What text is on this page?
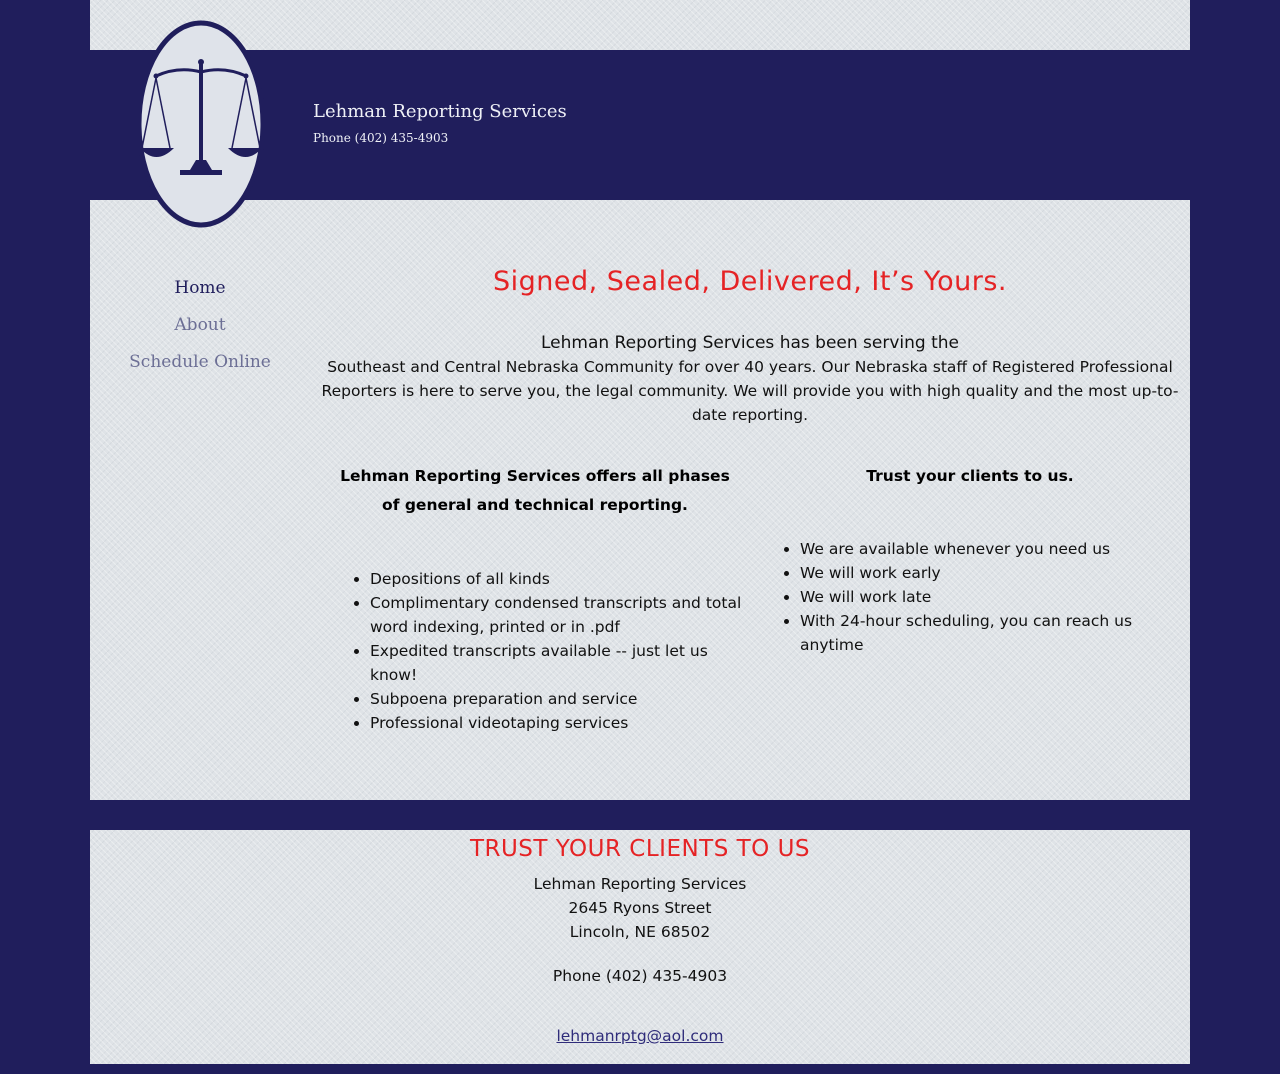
Lehman Reporting Services
Phone (402) 435-4903
Home
About
Schedule Online
Signed, Sealed, Delivered, It’s Yours.
Lehman Reporting Services has been serving the
Southeast and Central Nebraska Community for over 40 years. Our Nebraska staff of Registered Professional Reporters is here to serve you, the legal community. We will provide you with high quality and the most up-to-date reporting.
Lehman Reporting Services offers all phases
of general and technical reporting.
• Depositions of all kinds
• Complimentary condensed transcripts and total word indexing, printed or in .pdf
• Expedited transcripts available -- just let us know!
• Subpoena preparation and service
• Professional videotaping services
Trust your clients to us.
• We are available whenever you need us
• We will work early
• We will work late
• With 24-hour scheduling, you can reach us anytime
TRUST YOUR CLIENTS TO US
Lehman Reporting Services
2645 Ryons Street
Lincoln, NE 68502
Phone (402) 435-4903
lehmanrptg@aol.com
